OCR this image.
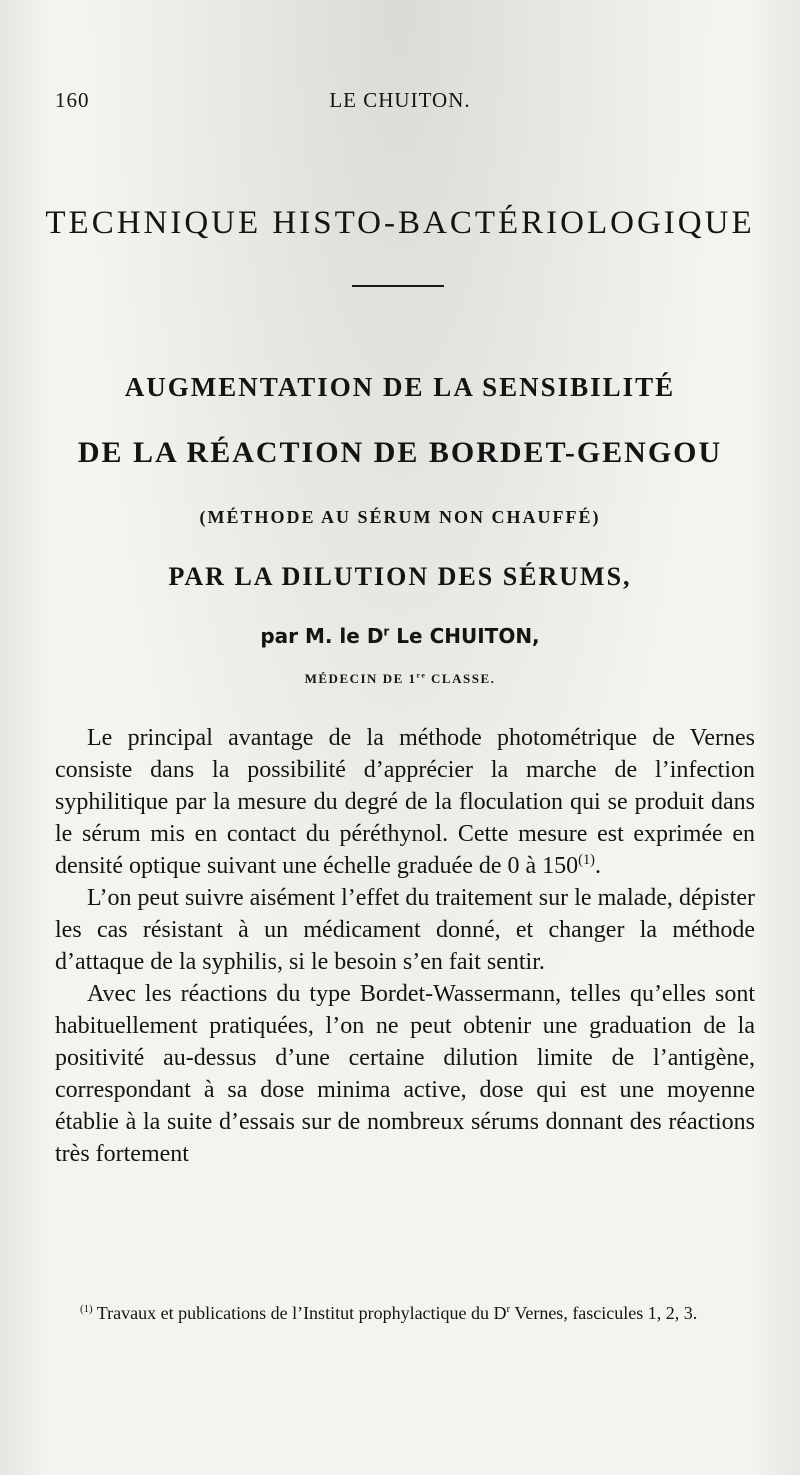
160	LE CHUITON.
TECHNIQUE HISTO-BACTÉRIOLOGIQUE
AUGMENTATION DE LA SENSIBILITÉ
DE LA RÉACTION DE BORDET-GENGOU
(MÉTHODE AU SÉRUM NON CHAUFFÉ)
PAR LA DILUTION DES SÉRUMS,
par M. le $D^r$ Le CHUITON,
MÉDECIN DE 1re CLASSE.

Le principal avantage de la méthode photométrique de Vernes consiste dans la possibilité d’apprécier la marche de l’infection syphilitique par la mesure du degré de la floculation qui se produit dans le sérum mis en contact du péréthynol. Cette mesure est exprimée en densité optique suivant une échelle graduée de 0 à 150$^{(1)}$.

L’on peut suivre aisément l’effet du traitement sur le malade, dépister les cas résistant à un médicament donné, et changer la méthode d’attaque de la syphilis, si le besoin s’en fait sentir.

Avec les réactions du type Bordet-Wassermann, telles qu’elles sont habituellement pratiquées, l’on ne peut obtenir une graduation de la positivité au-dessus d’une certaine dilution limite de l’antigène, correspondant à sa dose minima active, dose qui est une moyenne établie à la suite d’essais sur de nombreux sérums donnant des réactions très fortement

$^{(1)}$ Travaux et publications de l’Institut prophylactique du $D^r$ Vernes, fascicules 1, 2, 3.
